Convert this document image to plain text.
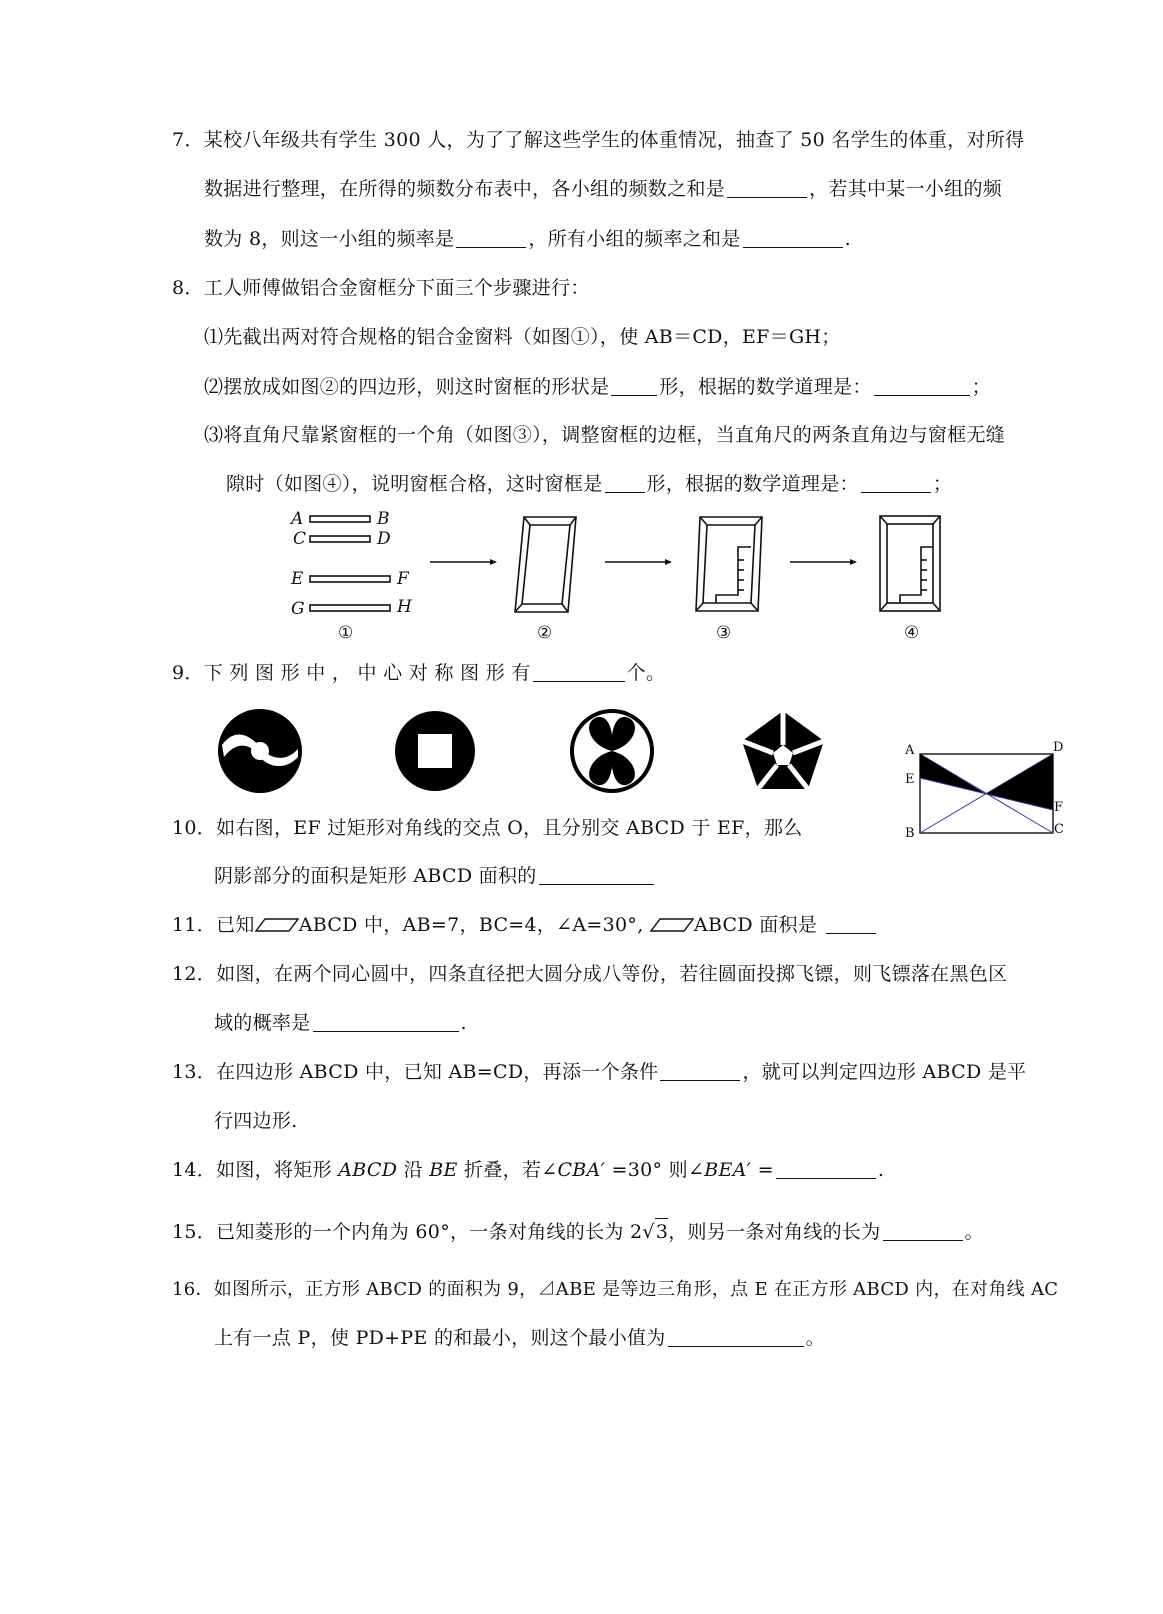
7．某校八年级共有学生 300 人，为了了解这些学生的体重情况，抽查了 50 名学生的体重，对所得
数据进行整理，在所得的频数分布表中，各小组的频数之和是	，若其中某一小组的频
数为 8，则这一小组的频率是	，所有小组的频率之和是	.
8．工人师傅做铝合金窗框分下面三个步骤进行：
⑴先截出两对符合规格的铝合金窗料（如图①），使 AB＝CD，EF＝GH；
⑵摆放成如图②的四边形，则这时窗框的形状是	形，根据的数学道理是：	；
⑶将直角尺靠紧窗框的一个角（如图③），调整窗框的边框，当直角尺的两条直角边与窗框无缝
隙时（如图④），说明窗框合格，这时窗框是 形，根据的数学道理是：	；
A	B
C	D
E	F
G	H
①	②	③	④
9．下 列 图 形 中 ， 中 心 对 称 图 形 有	个。
A	D
E
F
B	C
10．如右图，EF 过矩形对角线的交点 O，且分别交 ABCD 于 EF，那么
阴影部分的面积是矩形 ABCD 面积的
11．已知 ABCD 中，AB=7，BC=4，∠A=30°,	ABCD 面积是
12．如图，在两个同心圆中，四条直径把大圆分成八等份，若往圆面投掷飞镖，则飞镖落在黑色区
域的概率是	.
13．在四边形 ABCD 中，已知 AB=CD，再添一个条件	，就可以判定四边形 ABCD 是平
行四边形.
14．如图，将矩形 ABCD 沿 BE 折叠，若∠CBA′ =30° 则∠BEA′ =	.
15．已知菱形的一个内角为 60°，一条对角线的长为 2√3，则另一条对角线的长为	。
16．如图所示，正方形 ABCD 的面积为 9，⊿ABE 是等边三角形，点 E 在正方形 ABCD 内，在对角线 AC
上有一点 P，使 PD+PE 的和最小，则这个最小值为	。
